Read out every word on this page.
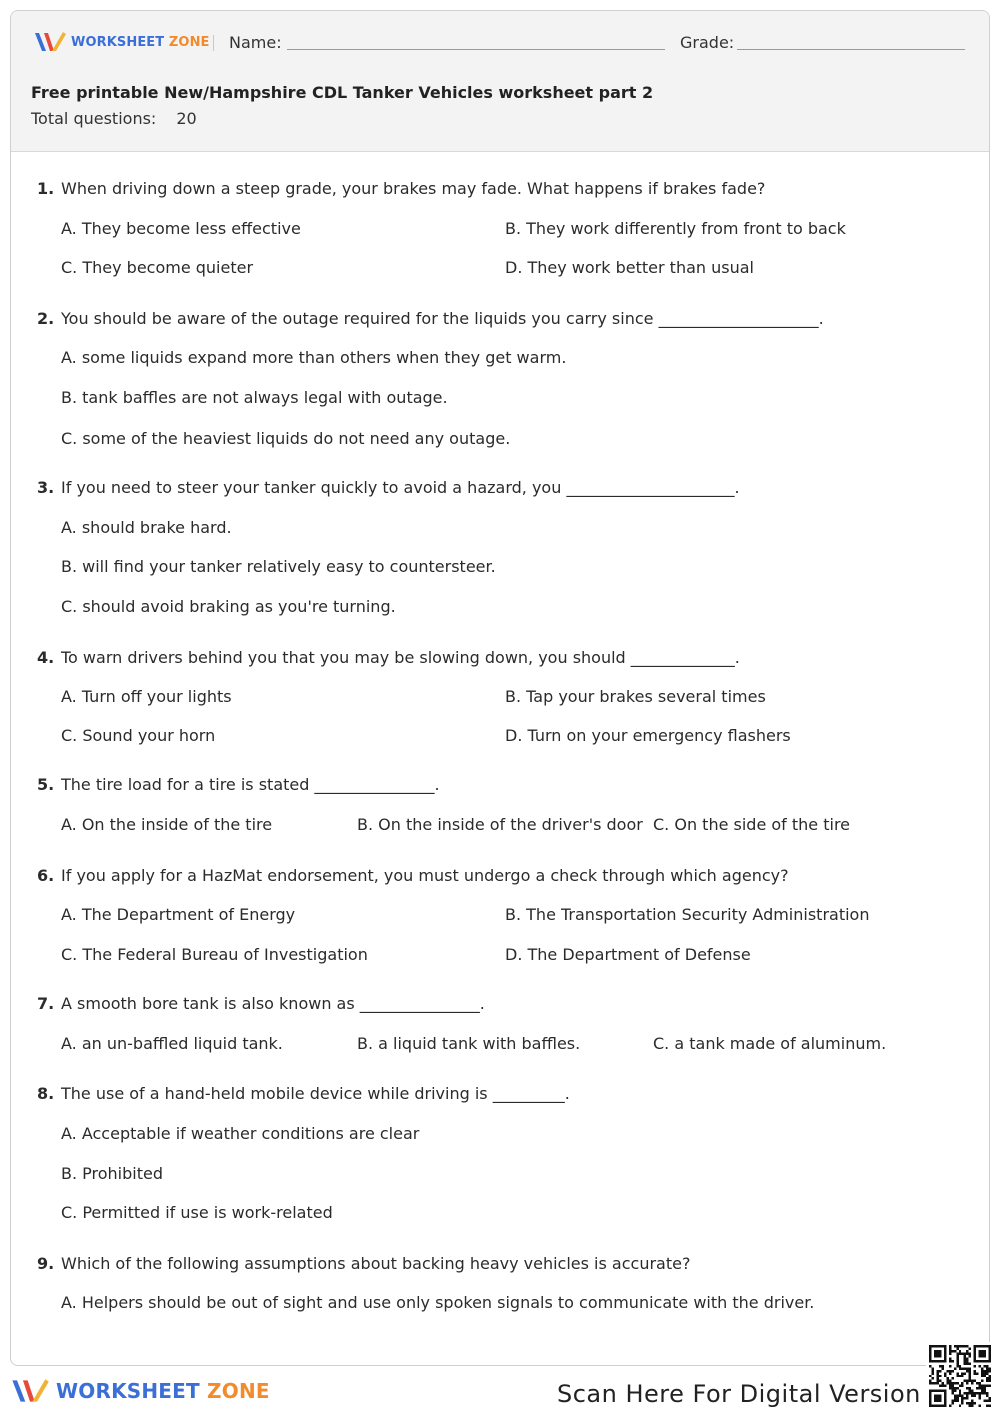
WORKSHEET ZONE Name:	Grade:
Free printable New/Hampshire CDL Tanker Vehicles worksheet part 2
Total questions: 20
1. When driving down a steep grade, your brakes may fade. What happens if brakes fade?
A. They become less effective	B. They work differently from front to back
C. They become quieter	D. They work better than usual
2. You should be aware of the outage required for the liquids you carry since ____________________.
A. some liquids expand more than others when they get warm.
B. tank baffles are not always legal with outage.
C. some of the heaviest liquids do not need any outage.
3. If you need to steer your tanker quickly to avoid a hazard, you _____________________.
A. should brake hard.
B. will find your tanker relatively easy to countersteer.
C. should avoid braking as you're turning.
4. To warn drivers behind you that you may be slowing down, you should _____________.
A. Turn off your lights	B. Tap your brakes several times
C. Sound your horn	D. Turn on your emergency flashers
5. The tire load for a tire is stated _______________.
A. On the inside of the tire	B. On the inside of the driver's door C. On the side of the tire
6. If you apply for a HazMat endorsement, you must undergo a check through which agency?
A. The Department of Energy	B. The Transportation Security Administration
C. The Federal Bureau of Investigation	D. The Department of Defense
7. A smooth bore tank is also known as _______________.
A. an un-baffled liquid tank.	B. a liquid tank with baffles.	C. a tank made of aluminum.
8. The use of a hand-held mobile device while driving is _________.
A. Acceptable if weather conditions are clear
B. Prohibited
C. Permitted if use is work-related
9. Which of the following assumptions about backing heavy vehicles is accurate?
A. Helpers should be out of sight and use only spoken signals to communicate with the driver.
WORKSHEET ZONE	Scan Here For Digital Version
